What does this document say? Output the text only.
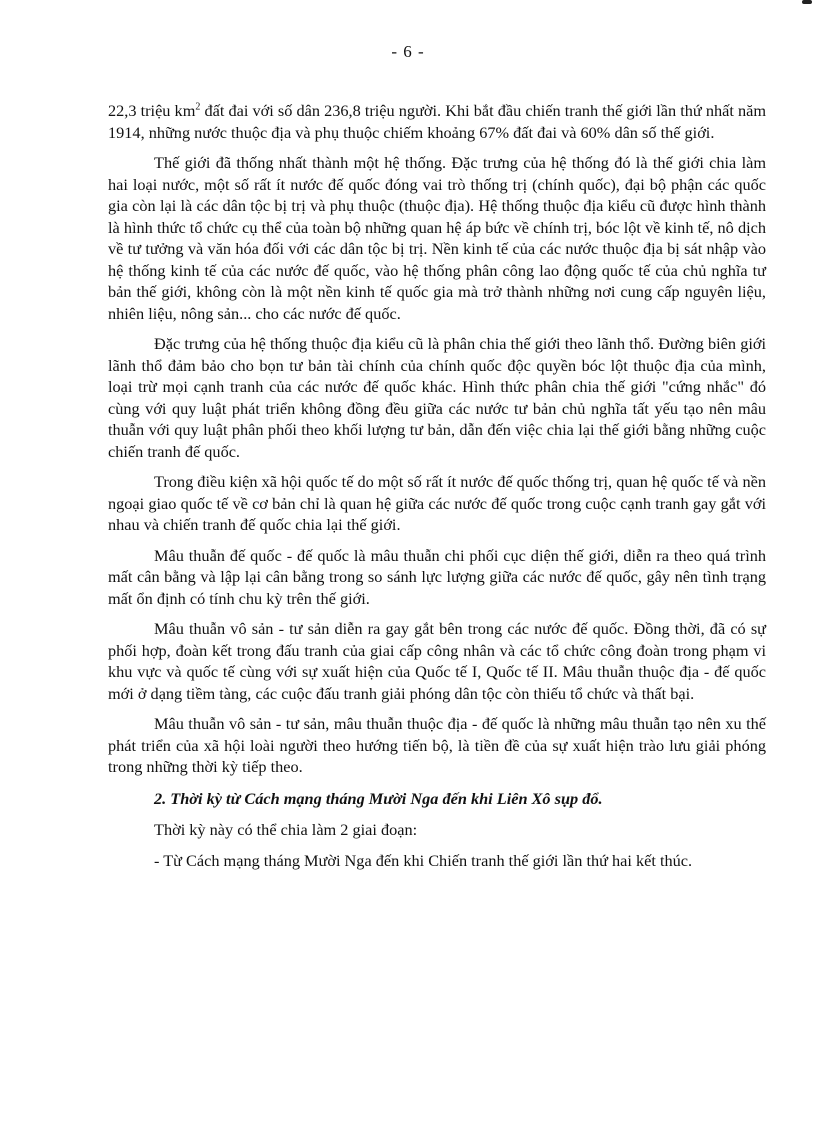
- 6 -

22,3 triệu $km^2$ đất đai với số dân 236,8 triệu người. Khi bắt đầu chiến tranh thế giới lần thứ nhất năm 1914, những nước thuộc địa và phụ thuộc chiếm khoảng 67% đất đai và 60% dân số thế giới.

Thế giới đã thống nhất thành một hệ thống. Đặc trưng của hệ thống đó là thế giới chia làm hai loại nước, một số rất ít nước đế quốc đóng vai trò thống trị (chính quốc), đại bộ phận các quốc gia còn lại là các dân tộc bị trị và phụ thuộc (thuộc địa). Hệ thống thuộc địa kiểu cũ được hình thành là hình thức tổ chức cụ thể của toàn bộ những quan hệ áp bức về chính trị, bóc lột về kinh tế, nô dịch về tư tưởng và văn hóa đối với các dân tộc bị trị. Nền kinh tế của các nước thuộc địa bị sát nhập vào hệ thống kinh tế của các nước đế quốc, vào hệ thống phân công lao động quốc tế của chủ nghĩa tư bản thế giới, không còn là một nền kinh tế quốc gia mà trở thành những nơi cung cấp nguyên liệu, nhiên liệu, nông sản... cho các nước đế quốc.

Đặc trưng của hệ thống thuộc địa kiểu cũ là phân chia thế giới theo lãnh thổ. Đường biên giới lãnh thổ đảm bảo cho bọn tư bản tài chính của chính quốc độc quyền bóc lột thuộc địa của mình, loại trừ mọi cạnh tranh của các nước đế quốc khác. Hình thức phân chia thế giới "cứng nhắc" đó cùng với quy luật phát triển không đồng đều giữa các nước tư bản chủ nghĩa tất yếu tạo nên mâu thuẫn với quy luật phân phối theo khối lượng tư bản, dẫn đến việc chia lại thế giới bằng những cuộc chiến tranh đế quốc.

Trong điều kiện xã hội quốc tế do một số rất ít nước đế quốc thống trị, quan hệ quốc tế và nền ngoại giao quốc tế về cơ bản chỉ là quan hệ giữa các nước đế quốc trong cuộc cạnh tranh gay gắt với nhau và chiến tranh đế quốc chia lại thế giới.

Mâu thuẫn đế quốc - đế quốc là mâu thuẫn chi phối cục diện thế giới, diễn ra theo quá trình mất cân bằng và lập lại cân bằng trong so sánh lực lượng giữa các nước đế quốc, gây nên tình trạng mất ổn định có tính chu kỳ trên thế giới.

Mâu thuẫn vô sản - tư sản diễn ra gay gắt bên trong các nước đế quốc. Đồng thời, đã có sự phối hợp, đoàn kết trong đấu tranh của giai cấp công nhân và các tổ chức công đoàn trong phạm vi khu vực và quốc tế cùng với sự xuất hiện của Quốc tế I, Quốc tế II. Mâu thuẫn thuộc địa - đế quốc mới ở dạng tiềm tàng, các cuộc đấu tranh giải phóng dân tộc còn thiếu tổ chức và thất bại.

Mâu thuẫn vô sản - tư sản, mâu thuẫn thuộc địa - đế quốc là những mâu thuẫn tạo nên xu thế phát triển của xã hội loài người theo hướng tiến bộ, là tiền đề của sự xuất hiện trào lưu giải phóng trong những thời kỳ tiếp theo.

2. Thời kỳ từ Cách mạng tháng Mười Nga đến khi Liên Xô sụp đổ.

Thời kỳ này có thể chia làm 2 giai đoạn:

- Từ Cách mạng tháng Mười Nga đến khi Chiến tranh thế giới lần thứ hai kết thúc.
